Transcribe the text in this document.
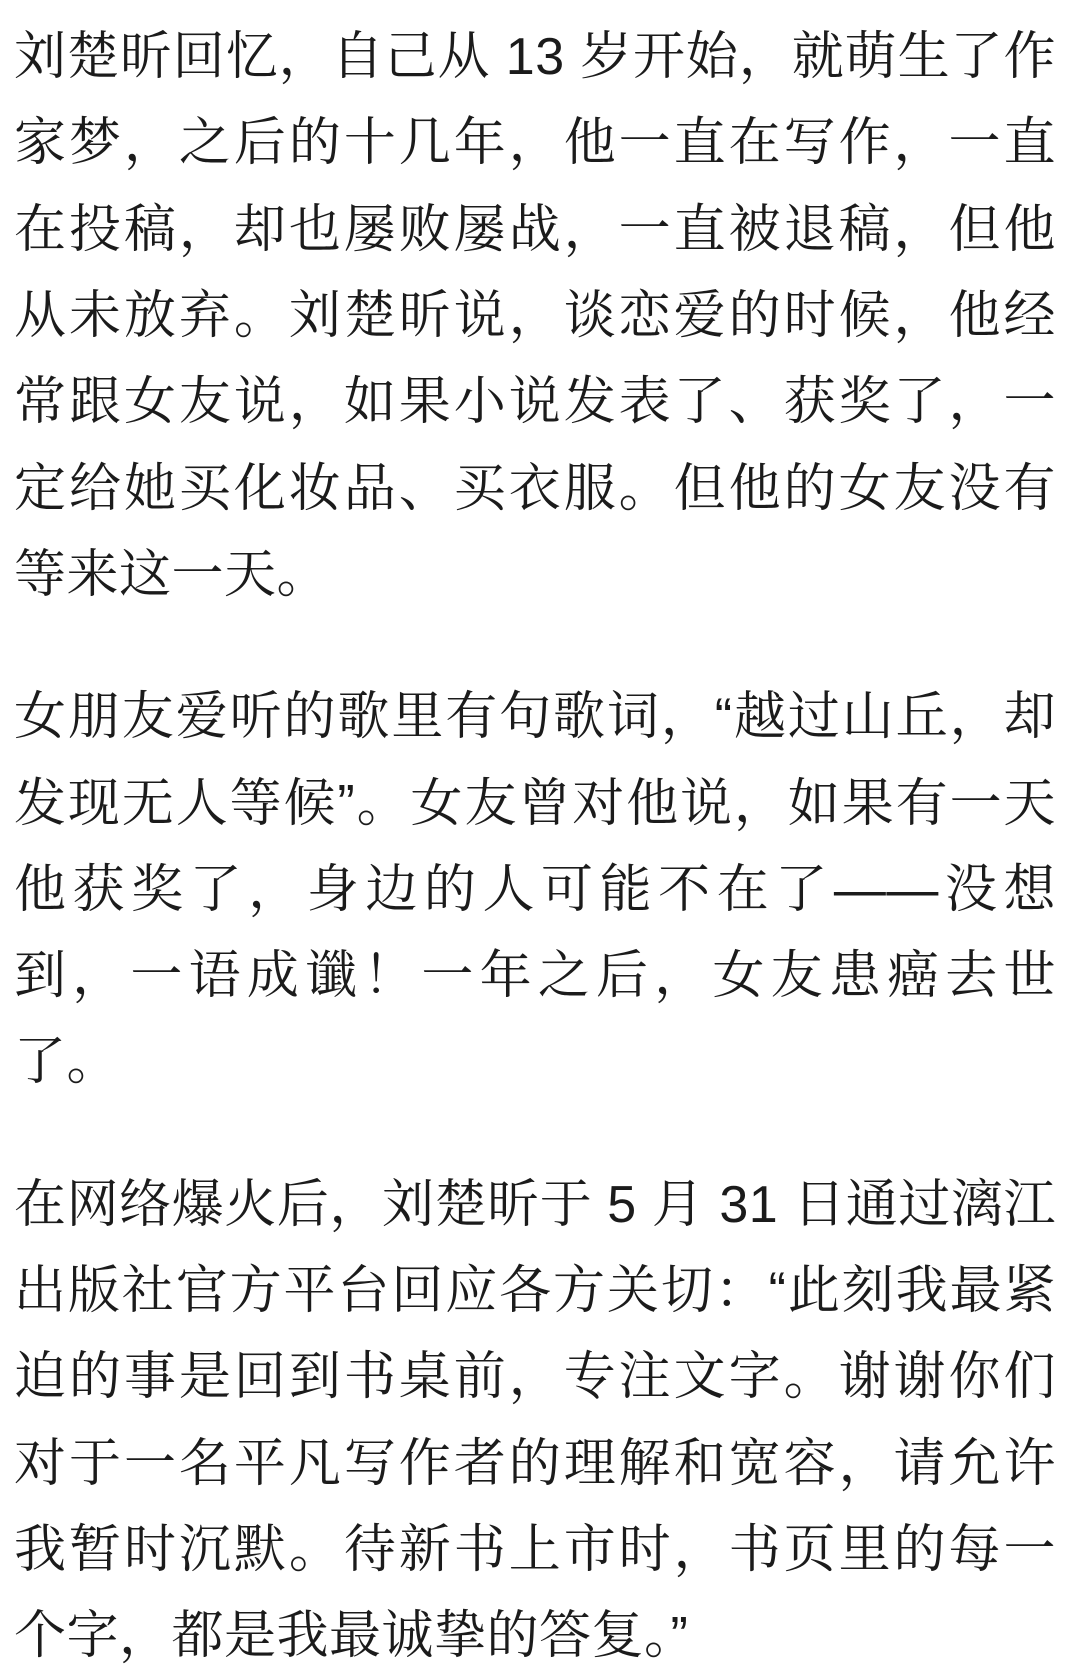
刘楚昕回忆，自己从 13 岁开始，就萌生了作家梦，之后的十几年，他一直在写作，一直在投稿，却也屡败屡战，一直被退稿，但他从未放弃。刘楚昕说，谈恋爱的时候，他经常跟女友说，如果小说发表了、获奖了，一定给她买化妆品、买衣服。但他的女友没有等来这一天。

女朋友爱听的歌里有句歌词，“越过山丘，却发现无人等候”。女友曾对他说，如果有一天他获奖了，身边的人可能不在了——没想到，一语成谶！一年之后，女友患癌去世了。

在网络爆火后，刘楚昕于 5 月 31 日通过漓江出版社官方平台回应各方关切：“此刻我最紧迫的事是回到书桌前，专注文字。谢谢你们对于一名平凡写作者的理解和宽容，请允许我暂时沉默。待新书上市时，书页里的每一个字，都是我最诚挚的答复。”
